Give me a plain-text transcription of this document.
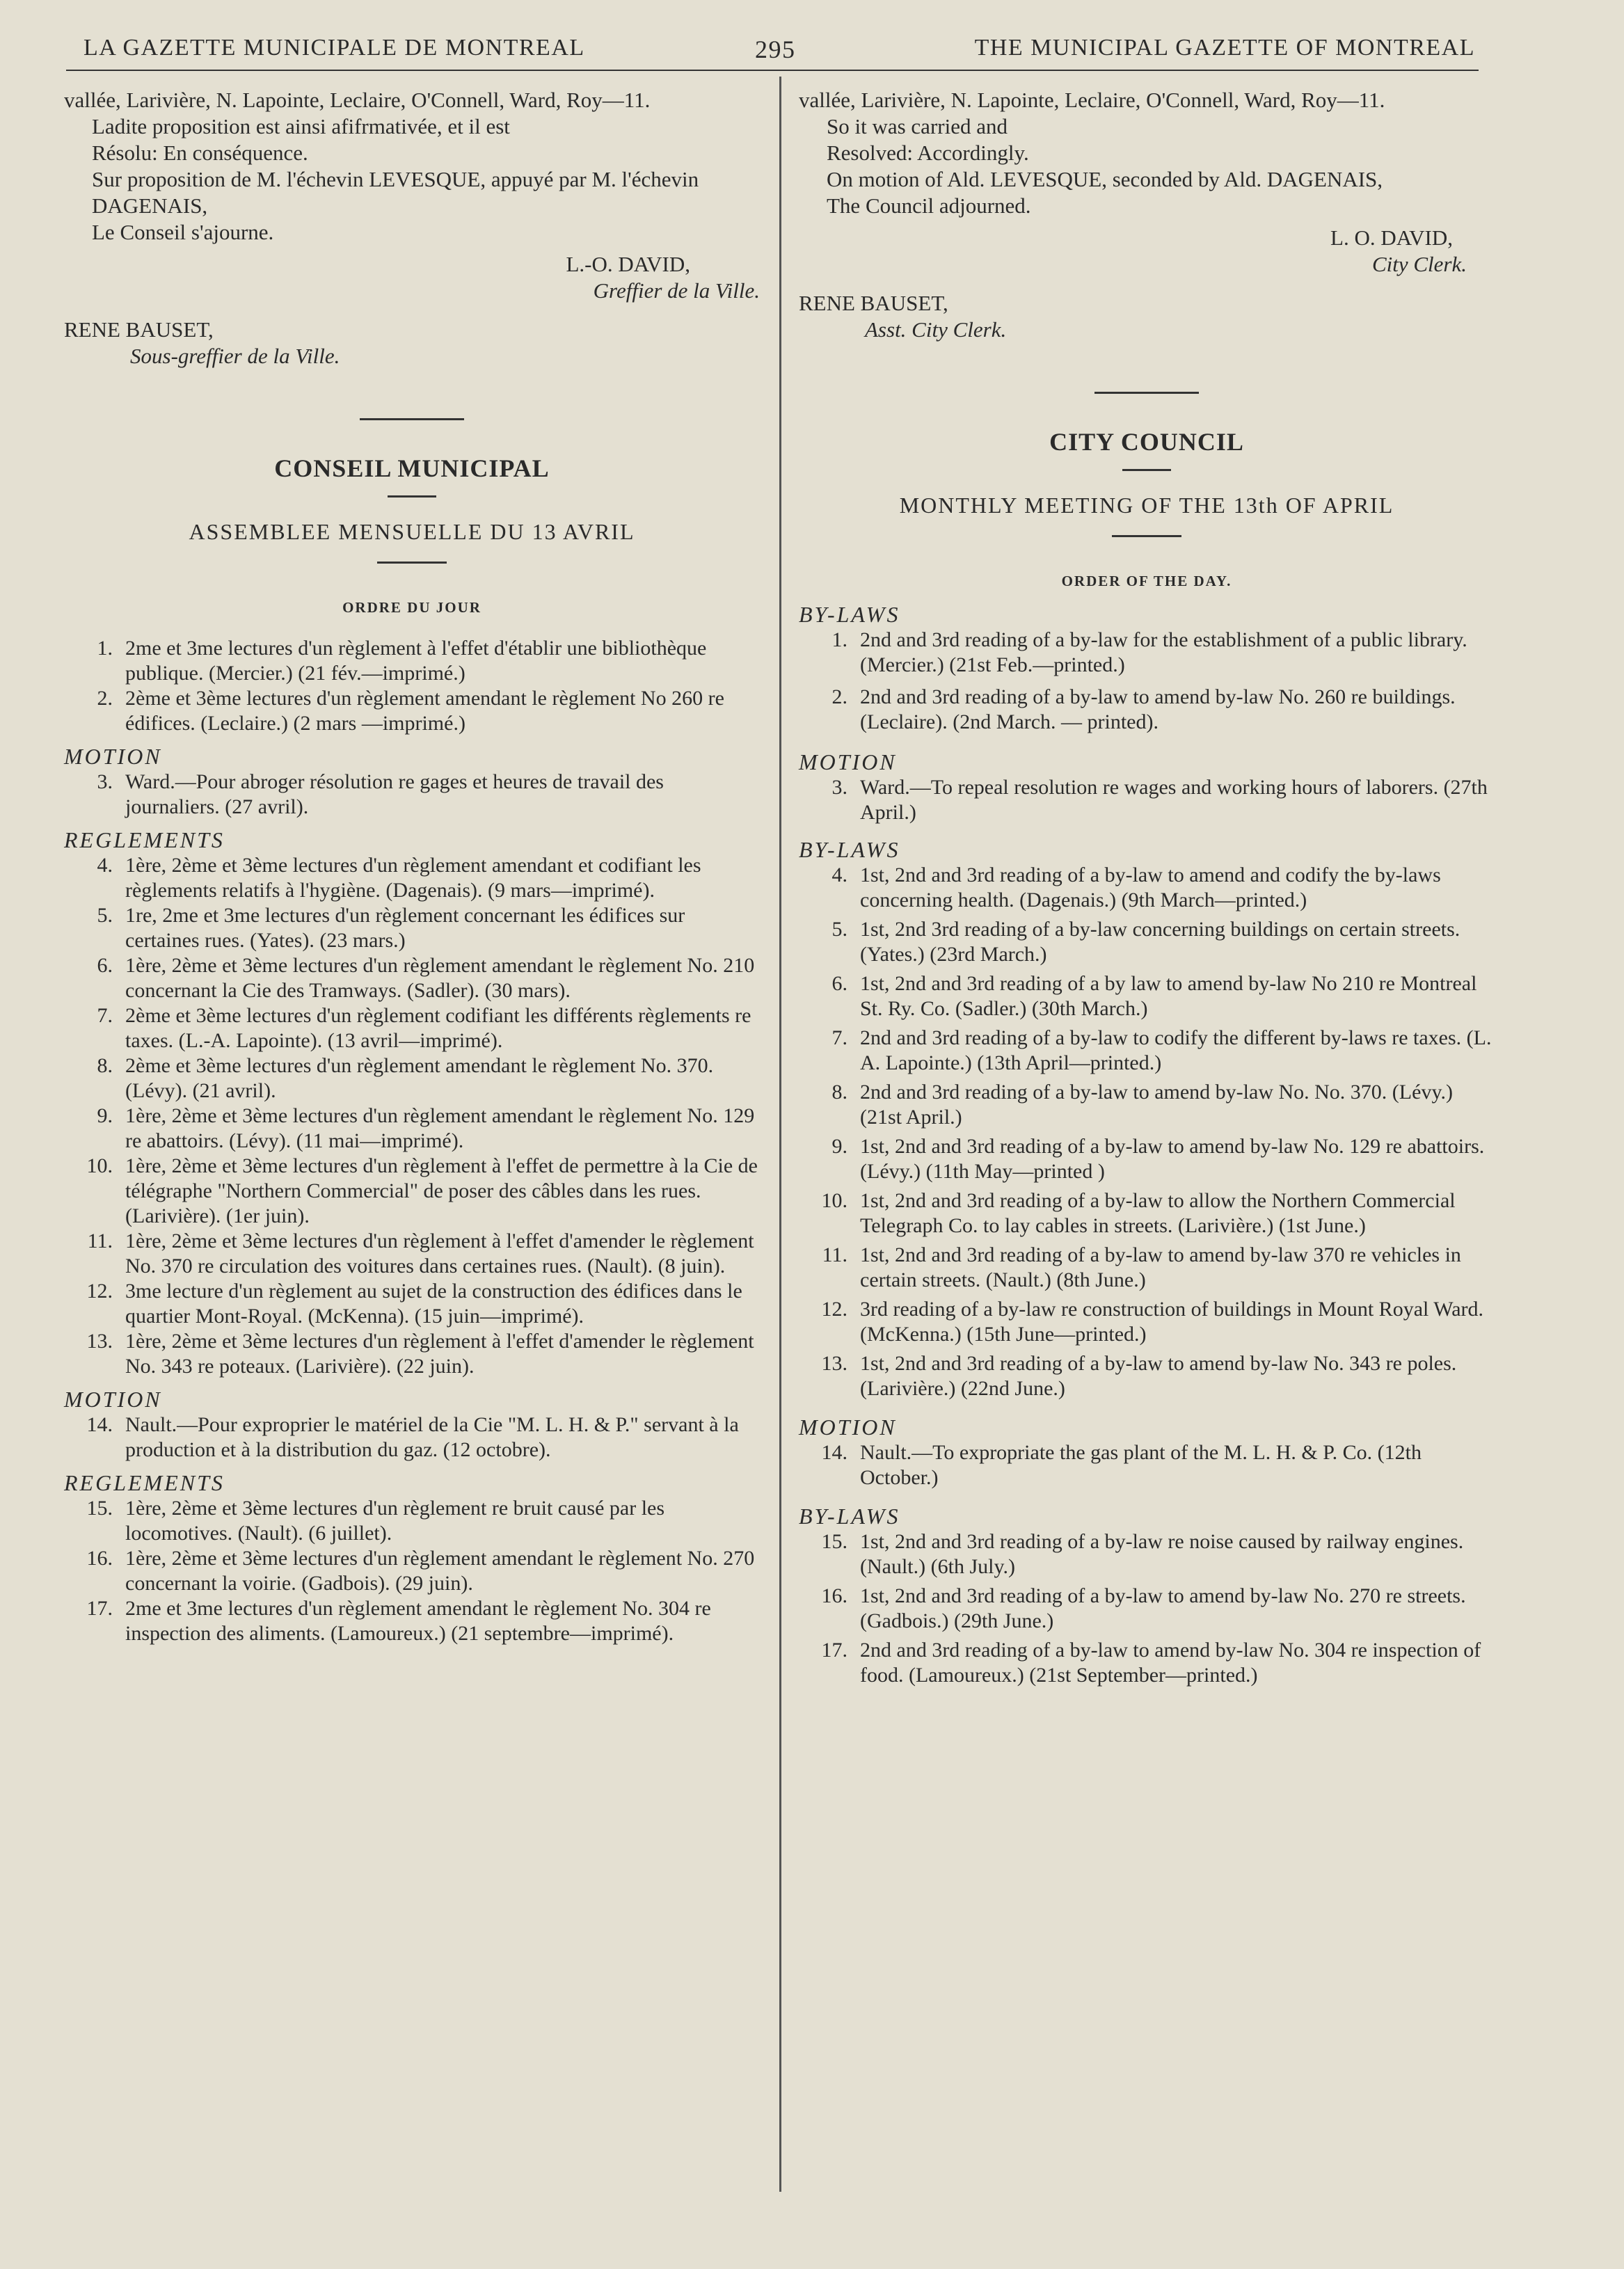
LA GAZETTE MUNICIPALE DE MONTREAL	295	THE MUNICIPAL GAZETTE OF MONTREAL

vallée, Larivière, N. Lapointe, Leclaire, O'Connell, Ward, Roy—11.

Ladite proposition est ainsi afifrmativée, et il est

Résolu: En conséquence.

Sur proposition de M. l'échevin LEVESQUE, appuyé par M. l'échevin DAGENAIS,

Le Conseil s'ajourne.

L.-O. DAVID,

Greffier de la Ville.

RENE BAUSET,

Sous-greffier de la Ville.

CONSEIL MUNICIPAL

ASSEMBLEE MENSUELLE DU 13 AVRIL

ORDRE DU JOUR

1. 2me et 3me lectures d'un règlement à l'effet d'établir une bibliothèque publique. (Mercier.) (21 fév.—imprimé.)
2. 2ème et 3ème lectures d'un règlement amendant le règlement No 260 re édifices. (Leclaire.) (2 mars —imprimé.)

MOTION

3. Ward.—Pour abroger résolution re gages et heures de travail des journaliers. (27 avril).

REGLEMENTS

4. 1ère, 2ème et 3ème lectures d'un règlement amendant et codifiant les règlements relatifs à l'hygiène. (Dagenais). (9 mars—imprimé).
5. 1re, 2me et 3me lectures d'un règlement concernant les édifices sur certaines rues. (Yates). (23 mars.)
6. 1ère, 2ème et 3ème lectures d'un règlement amendant le règlement No. 210 concernant la Cie des Tramways. (Sadler). (30 mars).
7. 2ème et 3ème lectures d'un règlement codifiant les différents règlements re taxes. (L.-A. Lapointe). (13 avril—imprimé).
8. 2ème et 3ème lectures d'un règlement amendant le règlement No. 370. (Lévy). (21 avril).
9. 1ère, 2ème et 3ème lectures d'un règlement amendant le règlement No. 129 re abattoirs. (Lévy). (11 mai—imprimé).
10. 1ère, 2ème et 3ème lectures d'un règlement à l'effet de permettre à la Cie de télégraphe "Northern Commercial" de poser des câbles dans les rues. (Larivière). (1er juin).
11. 1ère, 2ème et 3ème lectures d'un règlement à l'effet d'amender le règlement No. 370 re circulation des voitures dans certaines rues. (Nault). (8 juin).
12. 3me lecture d'un règlement au sujet de la construction des édifices dans le quartier Mont-Royal. (McKenna). (15 juin—imprimé).
13. 1ère, 2ème et 3ème lectures d'un règlement à l'effet d'amender le règlement No. 343 re poteaux. (Larivière). (22 juin).

MOTION

14. Nault.—Pour exproprier le matériel de la Cie "M. L. H. & P." servant à la production et à la distribution du gaz. (12 octobre).

REGLEMENTS

15. 1ère, 2ème et 3ème lectures d'un règlement re bruit causé par les locomotives. (Nault). (6 juillet).
16. 1ère, 2ème et 3ème lectures d'un règlement amendant le règlement No. 270 concernant la voirie. (Gadbois). (29 juin).
17. 2me et 3me lectures d'un règlement amendant le règlement No. 304 re inspection des aliments. (Lamoureux.) (21 septembre—imprimé).

vallée, Larivière, N. Lapointe, Leclaire, O'Connell, Ward, Roy—11.

So it was carried and

Resolved: Accordingly.

On motion of Ald. LEVESQUE, seconded by Ald. DAGENAIS,

The Council adjourned.

L. O. DAVID,

City Clerk.

RENE BAUSET,

Asst. City Clerk.

CITY COUNCIL

MONTHLY MEETING OF THE 13th OF APRIL

ORDER OF THE DAY.

BY-LAWS

1. 2nd and 3rd reading of a by-law for the establishment of a public library. (Mercier.) (21st Feb.—printed.)
2. 2nd and 3rd reading of a by-law to amend by-law No. 260 re buildings. (Leclaire). (2nd March. — printed).

MOTION

3. Ward.—To repeal resolution re wages and working hours of laborers. (27th April.)

BY-LAWS

4. 1st, 2nd and 3rd reading of a by-law to amend and codify the by-laws concerning health. (Dagenais.) (9th March—printed.)
5. 1st, 2nd 3rd reading of a by-law concerning buildings on certain streets. (Yates.) (23rd March.)
6. 1st, 2nd and 3rd reading of a by law to amend by-law No 210 re Montreal St. Ry. Co. (Sadler.) (30th March.)
7. 2nd and 3rd reading of a by-law to codify the different by-laws re taxes. (L. A. Lapointe.) (13th April—printed.)
8. 2nd and 3rd reading of a by-law to amend by-law No. No. 370. (Lévy.) (21st April.)
9. 1st, 2nd and 3rd reading of a by-law to amend by-law No. 129 re abattoirs. (Lévy.) (11th May—printed )
10. 1st, 2nd and 3rd reading of a by-law to allow the Northern Commercial Telegraph Co. to lay cables in streets. (Larivière.) (1st June.)
11. 1st, 2nd and 3rd reading of a by-law to amend by-law 370 re vehicles in certain streets. (Nault.) (8th June.)
12. 3rd reading of a by-law re construction of buildings in Mount Royal Ward. (McKenna.) (15th June—printed.)
13. 1st, 2nd and 3rd reading of a by-law to amend by-law No. 343 re poles. (Larivière.) (22nd June.)

MOTION

14. Nault.—To expropriate the gas plant of the M. L. H. & P. Co. (12th October.)

BY-LAWS

15. 1st, 2nd and 3rd reading of a by-law re noise caused by railway engines. (Nault.) (6th July.)
16. 1st, 2nd and 3rd reading of a by-law to amend by-law No. 270 re streets. (Gadbois.) (29th June.)
17. 2nd and 3rd reading of a by-law to amend by-law No. 304 re inspection of food. (Lamoureux.) (21st September—printed.)
